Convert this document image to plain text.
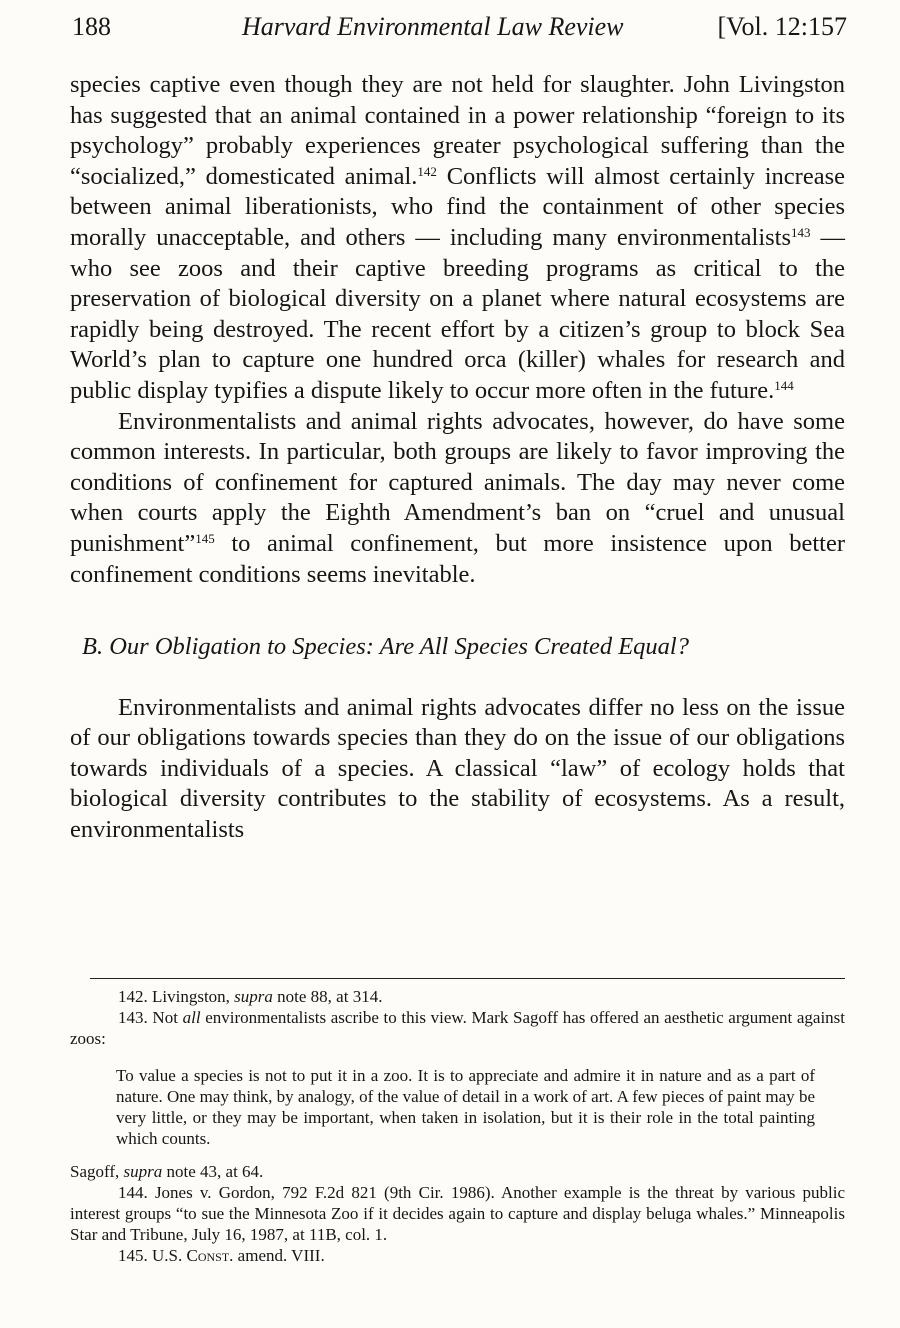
188	Harvard Environmental Law Review	[Vol. 12:157

species captive even though they are not held for slaughter. John Livingston has suggested that an animal contained in a power relationship “foreign to its psychology” probably experiences greater psychological suffering than the “socialized,” domesticated animal.$^{142}$ Conflicts will almost certainly increase between animal liberationists, who find the containment of other species morally unacceptable, and others — including many environmentalists$^{143}$ — who see zoos and their captive breeding programs as critical to the preservation of biological diversity on a planet where natural ecosystems are rapidly being destroyed. The recent effort by a citizen’s group to block Sea World’s plan to capture one hundred orca (killer) whales for research and public display typifies a dispute likely to occur more often in the future.$^{144}$

Environmentalists and animal rights advocates, however, do have some common interests. In particular, both groups are likely to favor improving the conditions of confinement for captured animals. The day may never come when courts apply the Eighth Amendment’s ban on “cruel and unusual punishment”$^{145}$ to animal confinement, but more insistence upon better confinement conditions seems inevitable.

B. Our Obligation to Species: Are All Species Created Equal?

Environmentalists and animal rights advocates differ no less on the issue of our obligations towards species than they do on the issue of our obligations towards individuals of a species. A classical “law” of ecology holds that biological diversity contributes to the stability of ecosystems. As a result, environmentalists

142. Livingston, supra note 88, at 314.

143. Not all environmentalists ascribe to this view. Mark Sagoff has offered an aesthetic argument against zoos:

To value a species is not to put it in a zoo. It is to appreciate and admire it in nature and as a part of nature. One may think, by analogy, of the value of detail in a work of art. A few pieces of paint may be very little, or they may be important, when taken in isolation, but it is their role in the total painting which counts.

Sagoff, supra note 43, at 64.

144. Jones v. Gordon, 792 F.2d 821 (9th Cir. 1986). Another example is the threat by various public interest groups “to sue the Minnesota Zoo if it decides again to capture and display beluga whales.” Minneapolis Star and Tribune, July 16, 1987, at 11B, col. 1.

145. U.S. Const. amend. VIII.
